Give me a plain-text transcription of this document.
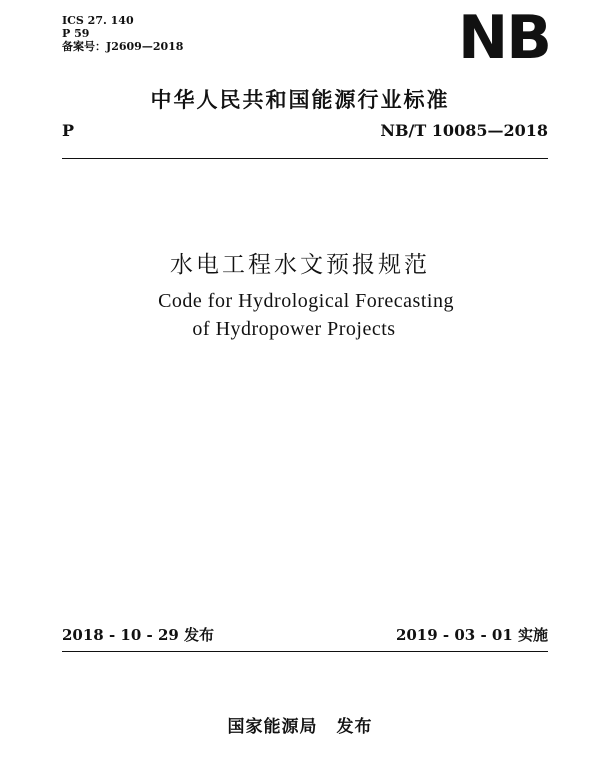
ICS 27. 140
P 59
备案号：J2609—2018	NB
中华人民共和国能源行业标准
P	NB/T 10085—2018
水电工程水文预报规范
Code for Hydrological Forecasting
of Hydropower Projects
2018 - 10 - 29 发布	2019 - 03 - 01 实施
国家能源局 发布
